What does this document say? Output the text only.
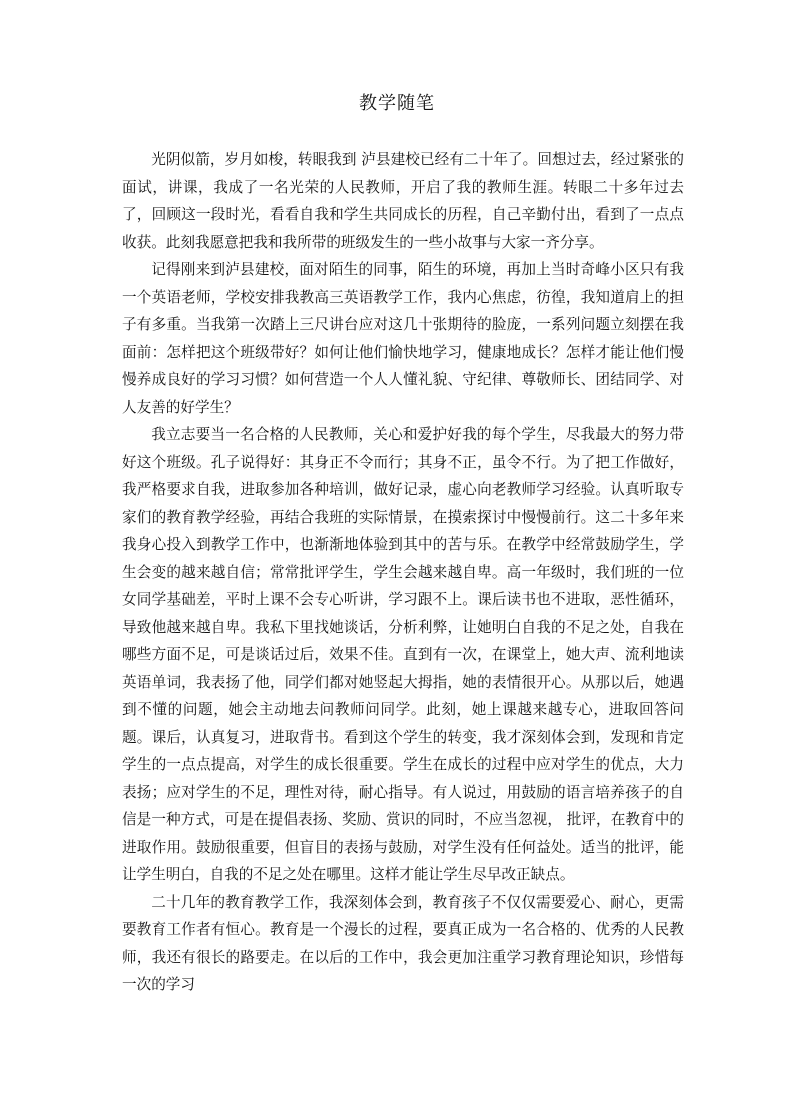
教学随笔

光阴似箭，岁月如梭，转眼我到 泸县建校已经有二十年了。回想过去，经过紧张的面试，讲课，我成了一名光荣的人民教师，开启了我的教师生涯。转眼二十多年过去了，回顾这一段时光，看看自我和学生共同成长的历程，自己辛勤付出，看到了一点点收获。此刻我愿意把我和我所带的班级发生的一些小故事与大家一齐分享。

记得刚来到泸县建校，面对陌生的同事，陌生的环境，再加上当时奇峰小区只有我一个英语老师，学校安排我教高三英语教学工作，我内心焦虑，彷徨，我知道肩上的担子有多重。当我第一次踏上三尺讲台应对这几十张期待的脸庞，一系列问题立刻摆在我面前：怎样把这个班级带好？如何让他们愉快地学习，健康地成长？怎样才能让他们慢慢养成良好的学习习惯？如何营造一个人人懂礼貌、守纪律、尊敬师长、团结同学、对人友善的好学生？

我立志要当一名合格的人民教师，关心和爱护好我的每个学生，尽我最大的努力带好这个班级。孔子说得好：其身正不令而行；其身不正，虽令不行。为了把工作做好，我严格要求自我，进取参加各种培训，做好记录，虚心向老教师学习经验。认真听取专家们的教育教学经验，再结合我班的实际情景，在摸索探讨中慢慢前行。这二十多年来我身心投入到教学工作中，也渐渐地体验到其中的苦与乐。在教学中经常鼓励学生，学生会变的越来越自信；常常批评学生，学生会越来越自卑。高一年级时，我们班的一位女同学基础差，平时上课不会专心听讲，学习跟不上。课后读书也不进取，恶性循环，导致他越来越自卑。我私下里找她谈话，分析利弊，让她明白自我的不足之处，自我在哪些方面不足，可是谈话过后，效果不佳。直到有一次，在课堂上，她大声、流利地读英语单词，我表扬了他，同学们都对她竖起大拇指，她的表情很开心。从那以后，她遇到不懂的问题，她会主动地去问教师问同学。此刻，她上课越来越专心，进取回答问题。课后，认真复习，进取背书。看到这个学生的转变，我才深刻体会到，发现和肯定学生的一点点提高，对学生的成长很重要。学生在成长的过程中应对学生的优点，大力表扬；应对学生的不足，理性对待，耐心指导。有人说过，用鼓励的语言培养孩子的自信是一种方式，可是在提倡表扬、奖励、赏识的同时，不应当忽视， 批评，在教育中的进取作用。鼓励很重要，但盲目的表扬与鼓励，对学生没有任何益处。适当的批评，能让学生明白，自我的不足之处在哪里。这样才能让学生尽早改正缺点。

二十几年的教育教学工作，我深刻体会到，教育孩子不仅仅需要爱心、耐心，更需要教育工作者有恒心。教育是一个漫长的过程，要真正成为一名合格的、优秀的人民教师，我还有很长的路要走。在以后的工作中，我会更加注重学习教育理论知识，珍惜每一次的学习
